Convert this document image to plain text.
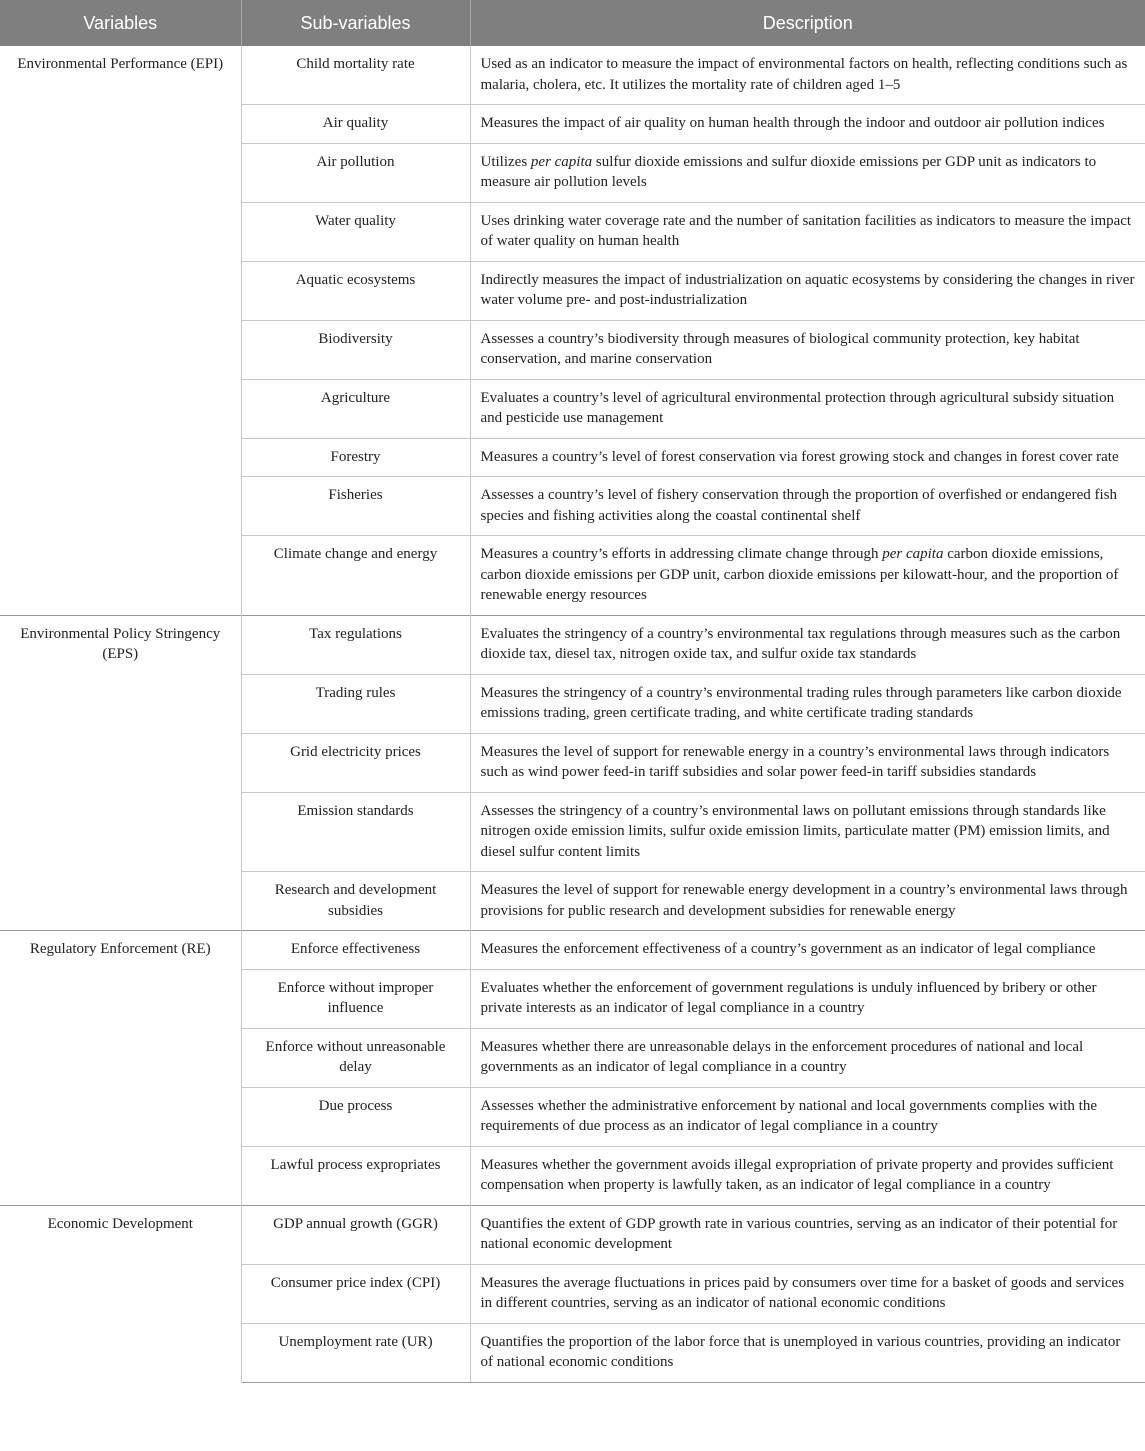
Variables	Sub-variables	Description
Environmental Performance (EPI)	Child mortality rate	Used as an indicator to measure the impact of environmental factors on health, reflecting conditions such as malaria, cholera, etc. It utilizes the mortality rate of children aged 1–5
	Air quality	Measures the impact of air quality on human health through the indoor and outdoor air pollution indices
	Air pollution	Utilizes per capita sulfur dioxide emissions and sulfur dioxide emissions per GDP unit as indicators to measure air pollution levels
	Water quality	Uses drinking water coverage rate and the number of sanitation facilities as indicators to measure the impact of water quality on human health
	Aquatic ecosystems	Indirectly measures the impact of industrialization on aquatic ecosystems by considering the changes in river water volume pre- and post-industrialization
	Biodiversity	Assesses a country’s biodiversity through measures of biological community protection, key habitat conservation, and marine conservation
	Agriculture	Evaluates a country’s level of agricultural environmental protection through agricultural subsidy situation and pesticide use management
	Forestry	Measures a country’s level of forest conservation via forest growing stock and changes in forest cover rate
	Fisheries	Assesses a country’s level of fishery conservation through the proportion of overfished or endangered fish species and fishing activities along the coastal continental shelf
	Climate change and energy	Measures a country’s efforts in addressing climate change through per capita carbon dioxide emissions, carbon dioxide emissions per GDP unit, carbon dioxide emissions per kilowatt-hour, and the proportion of renewable energy resources
Environmental Policy Stringency (EPS)	Tax regulations	Evaluates the stringency of a country’s environmental tax regulations through measures such as the carbon dioxide tax, diesel tax, nitrogen oxide tax, and sulfur oxide tax standards
	Trading rules	Measures the stringency of a country’s environmental trading rules through parameters like carbon dioxide emissions trading, green certificate trading, and white certificate trading standards
	Grid electricity prices	Measures the level of support for renewable energy in a country’s environmental laws through indicators such as wind power feed-in tariff subsidies and solar power feed-in tariff subsidies standards
	Emission standards	Assesses the stringency of a country’s environmental laws on pollutant emissions through standards like nitrogen oxide emission limits, sulfur oxide emission limits, particulate matter (PM) emission limits, and diesel sulfur content limits
	Research and development subsidies	Measures the level of support for renewable energy development in a country’s environmental laws through provisions for public research and development subsidies for renewable energy
Regulatory Enforcement (RE)	Enforce effectiveness	Measures the enforcement effectiveness of a country’s government as an indicator of legal compliance
	Enforce without improper influence	Evaluates whether the enforcement of government regulations is unduly influenced by bribery or other private interests as an indicator of legal compliance in a country
	Enforce without unreasonable delay	Measures whether there are unreasonable delays in the enforcement procedures of national and local governments as an indicator of legal compliance in a country
	Due process	Assesses whether the administrative enforcement by national and local governments complies with the requirements of due process as an indicator of legal compliance in a country
	Lawful process expropriates	Measures whether the government avoids illegal expropriation of private property and provides sufficient compensation when property is lawfully taken, as an indicator of legal compliance in a country
Economic Development	GDP annual growth (GGR)	Quantifies the extent of GDP growth rate in various countries, serving as an indicator of their potential for national economic development
	Consumer price index (CPI)	Measures the average fluctuations in prices paid by consumers over time for a basket of goods and services in different countries, serving as an indicator of national economic conditions
	Unemployment rate (UR)	Quantifies the proportion of the labor force that is unemployed in various countries, providing an indicator of national economic conditions
